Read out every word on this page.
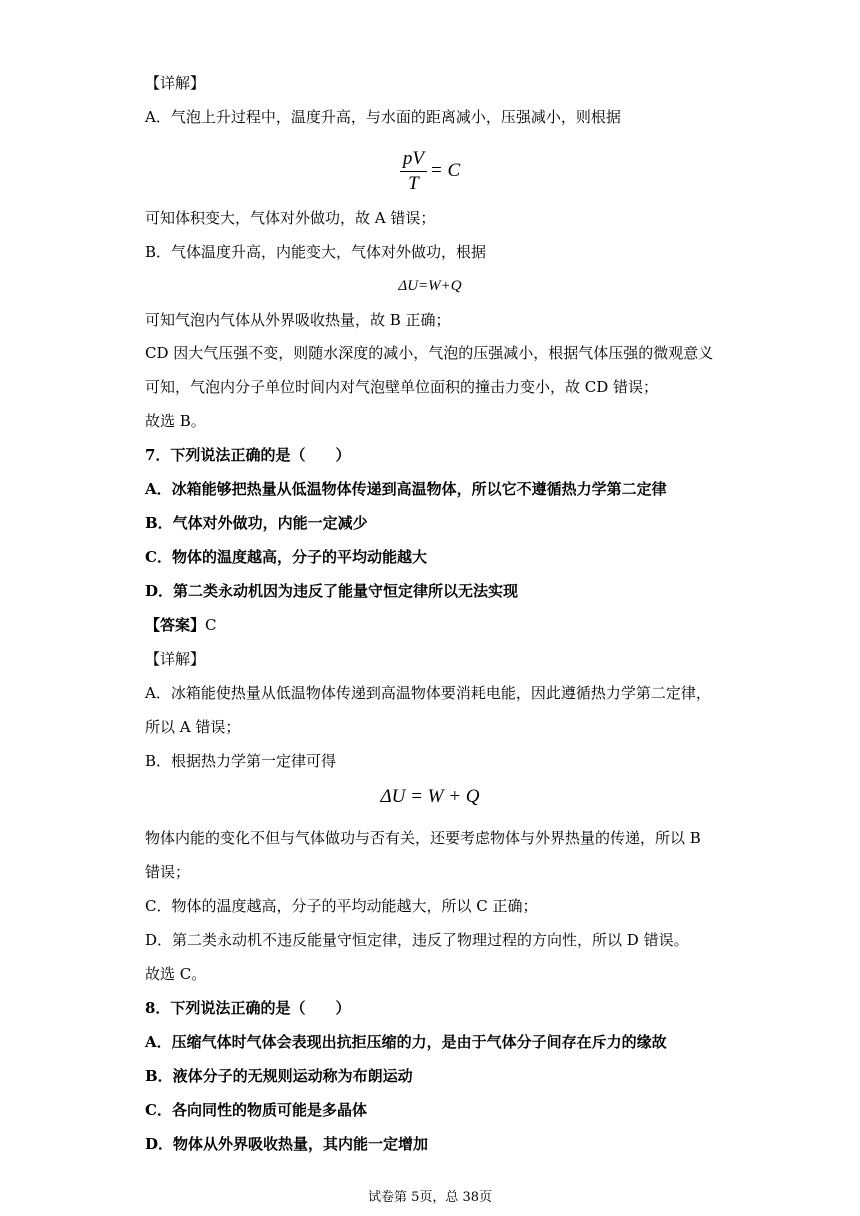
【详解】
A．气泡上升过程中，温度升高，与水面的距离减小，压强减小，则根据
$\frac{pV}{T} = C$
可知体积变大，气体对外做功，故 A 错误；
B．气体温度升高，内能变大，气体对外做功，根据
ΔU=W+Q
可知气泡内气体从外界吸收热量，故 B 正确；
CD 因大气压强不变，则随水深度的减小，气泡的压强减小，根据气体压强的微观意义
可知，气泡内分子单位时间内对气泡壁单位面积的撞击力变小，故 CD 错误；
故选 B。
7．下列说法正确的是（　　）
A．冰箱能够把热量从低温物体传递到高温物体，所以它不遵循热力学第二定律
B．气体对外做功，内能一定减少
C．物体的温度越高，分子的平均动能越大
D．第二类永动机因为违反了能量守恒定律所以无法实现
【答案】C
【详解】
A．冰箱能使热量从低温物体传递到高温物体要消耗电能，因此遵循热力学第二定律，
所以 A 错误；
B．根据热力学第一定律可得
ΔU = W + Q
物体内能的变化不但与气体做功与否有关，还要考虑物体与外界热量的传递，所以 B
错误；
C．物体的温度越高，分子的平均动能越大，所以 C 正确；
D．第二类永动机不违反能量守恒定律，违反了物理过程的方向性，所以 D 错误。
故选 C。
8．下列说法正确的是（　　）
A．压缩气体时气体会表现出抗拒压缩的力，是由于气体分子间存在斥力的缘故
B．液体分子的无规则运动称为布朗运动
C．各向同性的物质可能是多晶体
D．物体从外界吸收热量，其内能一定增加
试卷第 5页，总 38页
